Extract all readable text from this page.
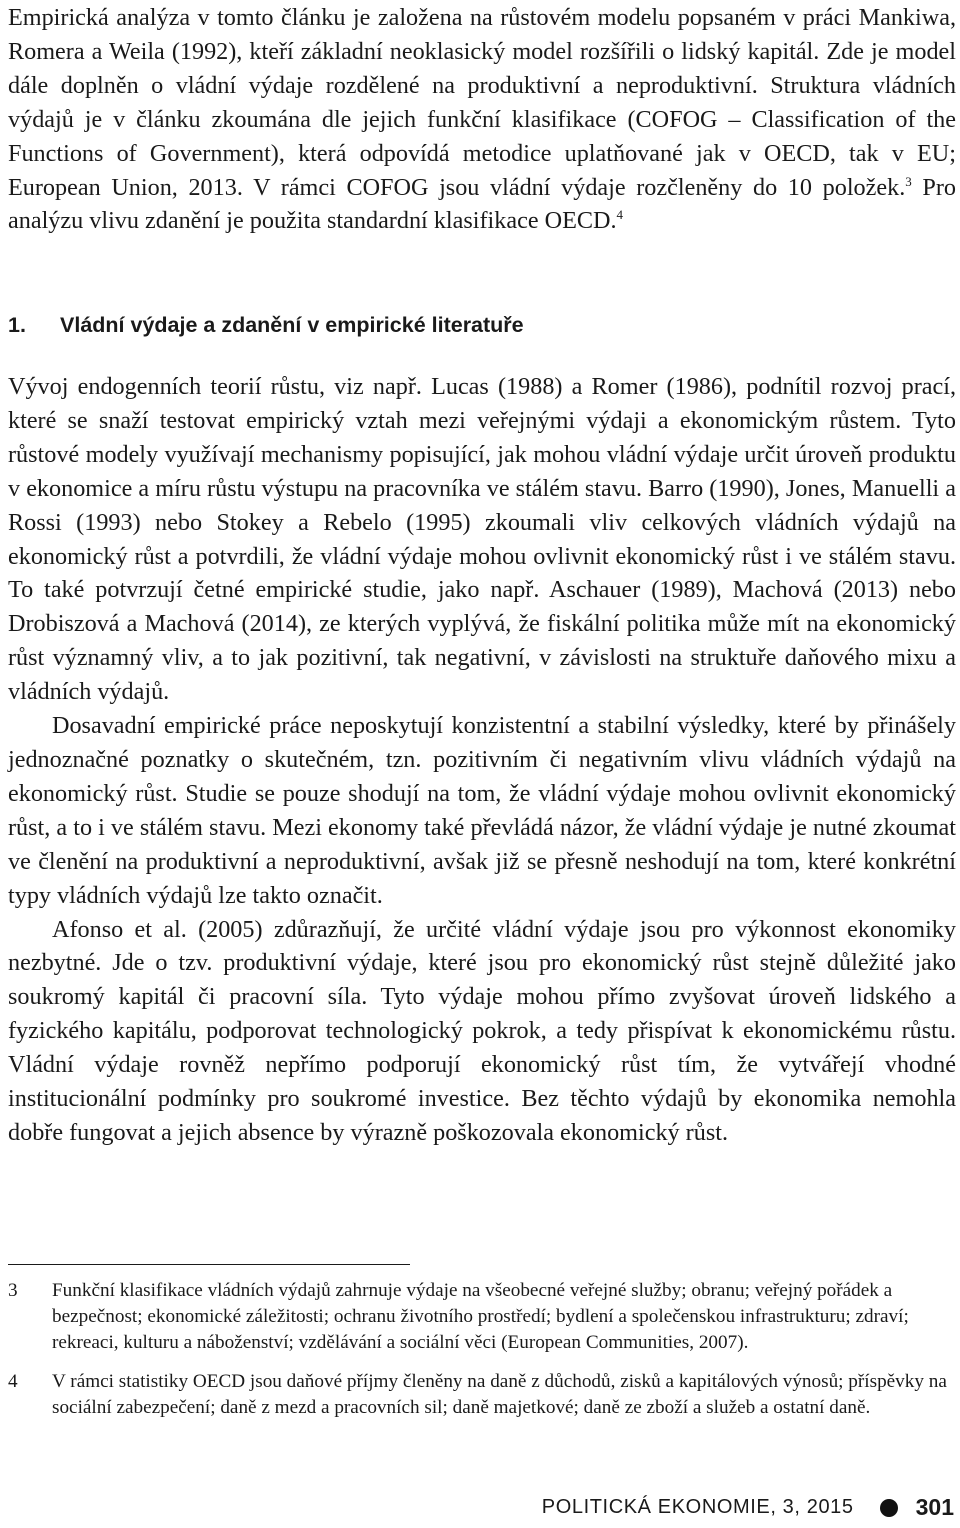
Empirická analýza v tomto článku je založena na růstovém modelu popsaném v práci Mankiwa, Romera a Weila (1992), kteří základní neoklasický model rozšířili o lidský kapitál. Zde je model dále doplněn o vládní výdaje rozdělené na produktivní a neproduktivní. Struktura vládních výdajů je v článku zkoumána dle jejich funkční klasifikace (COFOG – Classification of the Functions of Government), která odpovídá metodice uplatňované jak v OECD, tak v EU; European Union, 2013. V rámci COFOG jsou vládní výdaje rozčleněny do 10 položek.$^3$ Pro analýzu vlivu zdanění je použita standardní klasifikace OECD.$^4$

1. Vládní výdaje a zdanění v empirické literatuře

Vývoj endogenních teorií růstu, viz např. Lucas (1988) a Romer (1986), podnítil rozvoj prací, které se snaží testovat empirický vztah mezi veřejnými výdaji a ekonomickým růstem. Tyto růstové modely využívají mechanismy popisující, jak mohou vládní výdaje určit úroveň produktu v ekonomice a míru růstu výstupu na pracovníka ve stálém stavu. Barro (1990), Jones, Manuelli a Rossi (1993) nebo Stokey a Rebelo (1995) zkoumali vliv celkových vládních výdajů na ekonomický růst a potvrdili, že vládní výdaje mohou ovlivnit ekonomický růst i ve stálém stavu. To také potvrzují četné empirické studie, jako např. Aschauer (1989), Machová (2013) nebo Drobiszová a Machová (2014), ze kterých vyplývá, že fiskální politika může mít na ekonomický růst významný vliv, a to jak pozitivní, tak negativní, v závislosti na struktuře daňového mixu a vládních výdajů.

Dosavadní empirické práce neposkytují konzistentní a stabilní výsledky, které by přinášely jednoznačné poznatky o skutečném, tzn. pozitivním či negativním vlivu vládních výdajů na ekonomický růst. Studie se pouze shodují na tom, že vládní výdaje mohou ovlivnit ekonomický růst, a to i ve stálém stavu. Mezi ekonomy také převládá názor, že vládní výdaje je nutné zkoumat ve členění na produktivní a neproduktivní, avšak již se přesně neshodují na tom, které konkrétní typy vládních výdajů lze takto označit.

Afonso et al. (2005) zdůrazňují, že určité vládní výdaje jsou pro výkonnost ekonomiky nezbytné. Jde o tzv. produktivní výdaje, které jsou pro ekonomický růst stejně důležité jako soukromý kapitál či pracovní síla. Tyto výdaje mohou přímo zvyšovat úroveň lidského a fyzického kapitálu, podporovat technologický pokrok, a tedy přispívat k ekonomickému růstu. Vládní výdaje rovněž nepřímo podporují ekonomický růst tím, že vytvářejí vhodné institucionální podmínky pro soukromé investice. Bez těchto výdajů by ekonomika nemohla dobře fungovat a jejich absence by výrazně poškozovala ekonomický růst.

3	Funkční klasifikace vládních výdajů zahrnuje výdaje na všeobecné veřejné služby; obranu; veřejný pořádek a bezpečnost; ekonomické záležitosti; ochranu životního prostředí; bydlení a společenskou infrastrukturu; zdraví; rekreaci, kulturu a náboženství; vzdělávání a sociální věci (European Communities, 2007).
4	V rámci statistiky OECD jsou daňové příjmy členěny na daně z důchodů, zisků a kapitálových výnosů; příspěvky na sociální zabezpečení; daně z mezd a pracovních sil; daně majetkové; daně ze zboží a služeb a ostatní daně.
POLITICKÁ EKONOMIE, 3, 2015	301
